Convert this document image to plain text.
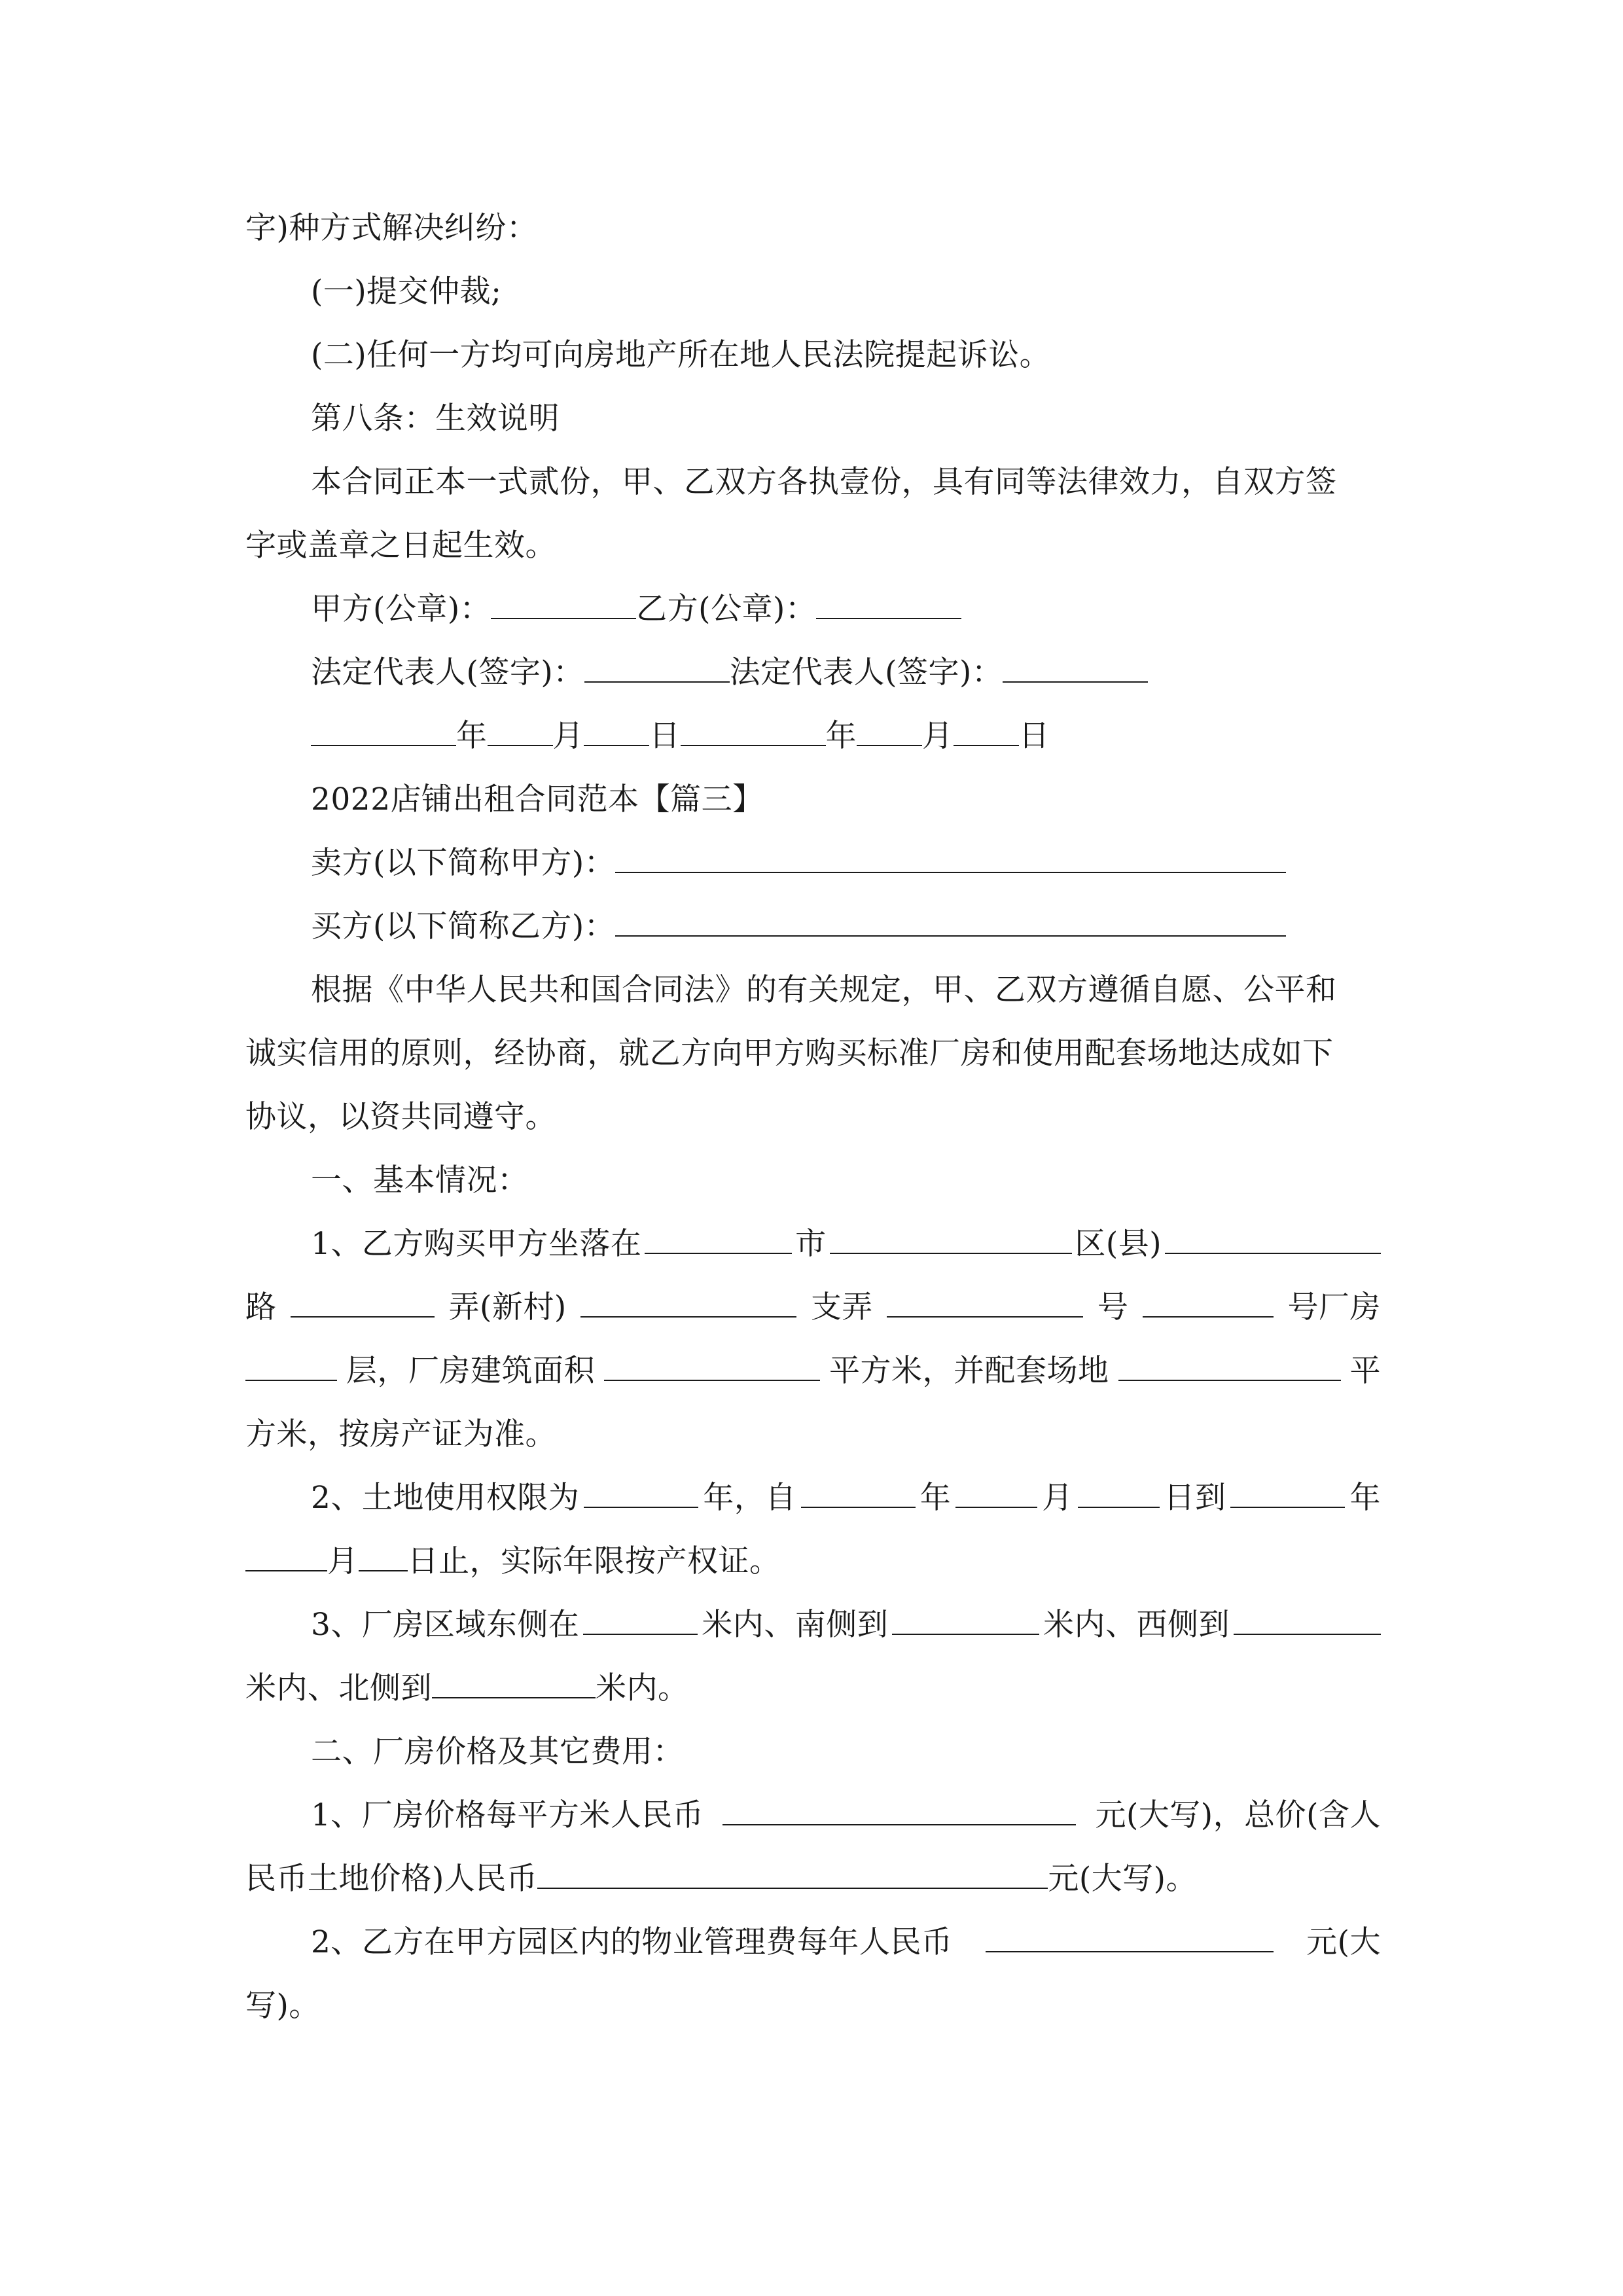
字)种方式解决纠纷：
(一)提交仲裁;
(二)任何一方均可向房地产所在地人民法院提起诉讼。
第八条：生效说明
本合同正本一式贰份，甲、乙双方各执壹份，具有同等法律效力，自双方签
字或盖章之日起生效。
甲方(公章)：	乙方(公章)：
法定代表人(签字)：	法定代表人(签字)：
年 月 日	年 月 日
2022店铺出租合同范本【篇三】
卖方(以下简称甲方)：
买方(以下简称乙方)：
根据《中华人民共和国合同法》的有关规定，甲、乙双方遵循自愿、公平和
诚实信用的原则，经协商，就乙方向甲方购买标准厂房和使用配套场地达成如下
协议，以资共同遵守。
一、基本情况：
1、乙方购买甲方坐落在	市	区(县)
路	弄(新村)	支弄	号	号厂房
层，厂房建筑面积	平方米，并配套场地	平
方米，按房产证为准。
2、土地使用权限为	年，自	年	月	日到	年
月 日止，实际年限按产权证。
3、厂房区域东侧在	米内、南侧到	米内、西侧到
米内、北侧到	米内。
二、厂房价格及其它费用：
1、厂房价格每平方米人民币	元(大写)，总价(含人
民币土地价格)人民币	元(大写)。
2、乙方在甲方园区内的物业管理费每年人民币	元(大
写)。
